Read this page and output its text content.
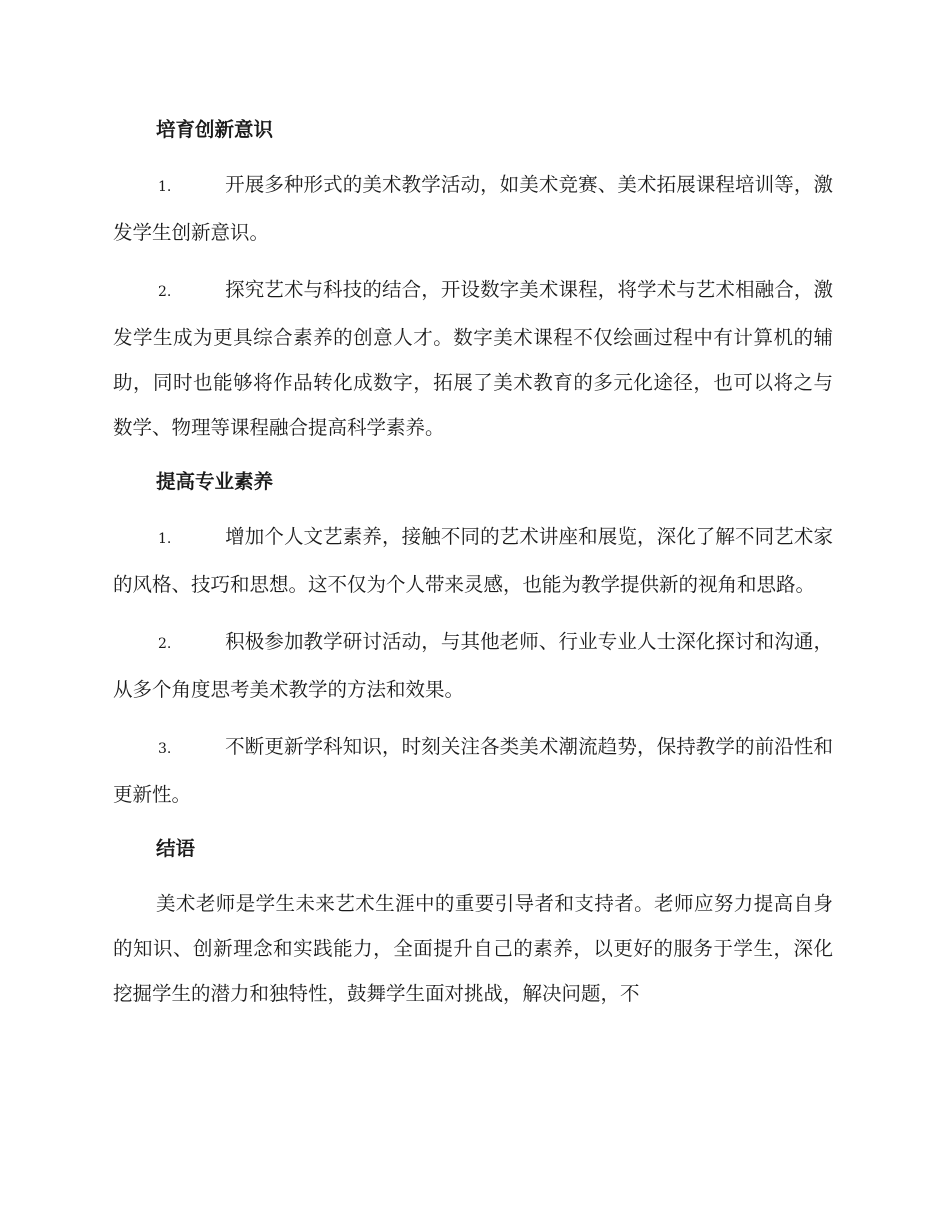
培育创新意识

1.	开展多种形式的美术教学活动，如美术竞赛、美术拓展课程培训等，激发学生创新意识。

2.	探究艺术与科技的结合，开设数字美术课程，将学术与艺术相融合，激发学生成为更具综合素养的创意人才。数字美术课程不仅绘画过程中有计算机的辅助，同时也能够将作品转化成数字，拓展了美术教育的多元化途径，也可以将之与数学、物理等课程融合提高科学素养。

提高专业素养

1.	增加个人文艺素养，接触不同的艺术讲座和展览，深化了解不同艺术家的风格、技巧和思想。这不仅为个人带来灵感，也能为教学提供新的视角和思路。

2.	积极参加教学研讨活动，与其他老师、行业专业人士深化探讨和沟通，从多个角度思考美术教学的方法和效果。

3.	不断更新学科知识，时刻关注各类美术潮流趋势，保持教学的前沿性和更新性。

结语

美术老师是学生未来艺术生涯中的重要引导者和支持者。老师应努力提高自身的知识、创新理念和实践能力，全面提升自己的素养，以更好的服务于学生，深化挖掘学生的潜力和独特性，鼓舞学生面对挑战，解决问题，不
